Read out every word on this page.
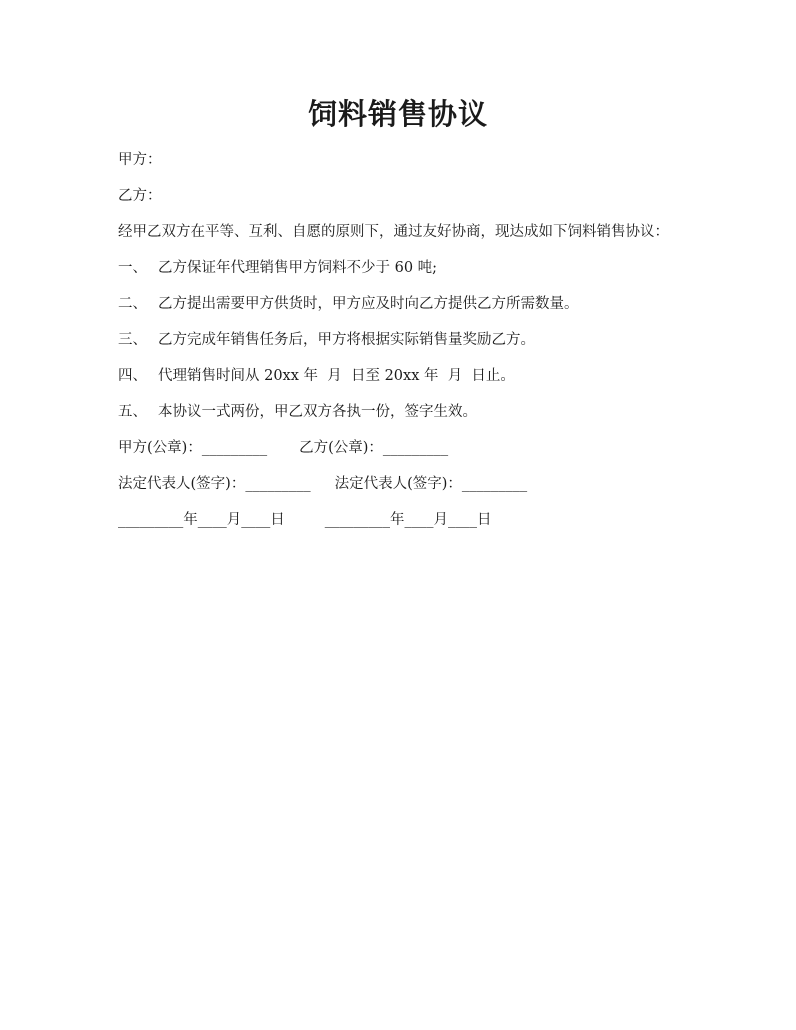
饲料销售协议

甲方：

乙方：

经甲乙双方在平等、互利、自愿的原则下，通过友好协商，现达成如下饲料销售协议：

一、 乙方保证年代理销售甲方饲料不少于 60 吨;
二、 乙方提出需要甲方供货时，甲方应及时向乙方提供乙方所需数量。
三、 乙方完成年销售任务后，甲方将根据实际销售量奖励乙方。
四、 代理销售时间从 20xx 年  月  日至 20xx 年  月  日止。
五、 本协议一式两份，甲乙双方各执一份，签字生效。
甲方(公章)：_________ 乙方(公章)：_________
法定代表人(签字)：_________ 法定代表人(签字)：_________
_________年____月____日	_________年____月____日
